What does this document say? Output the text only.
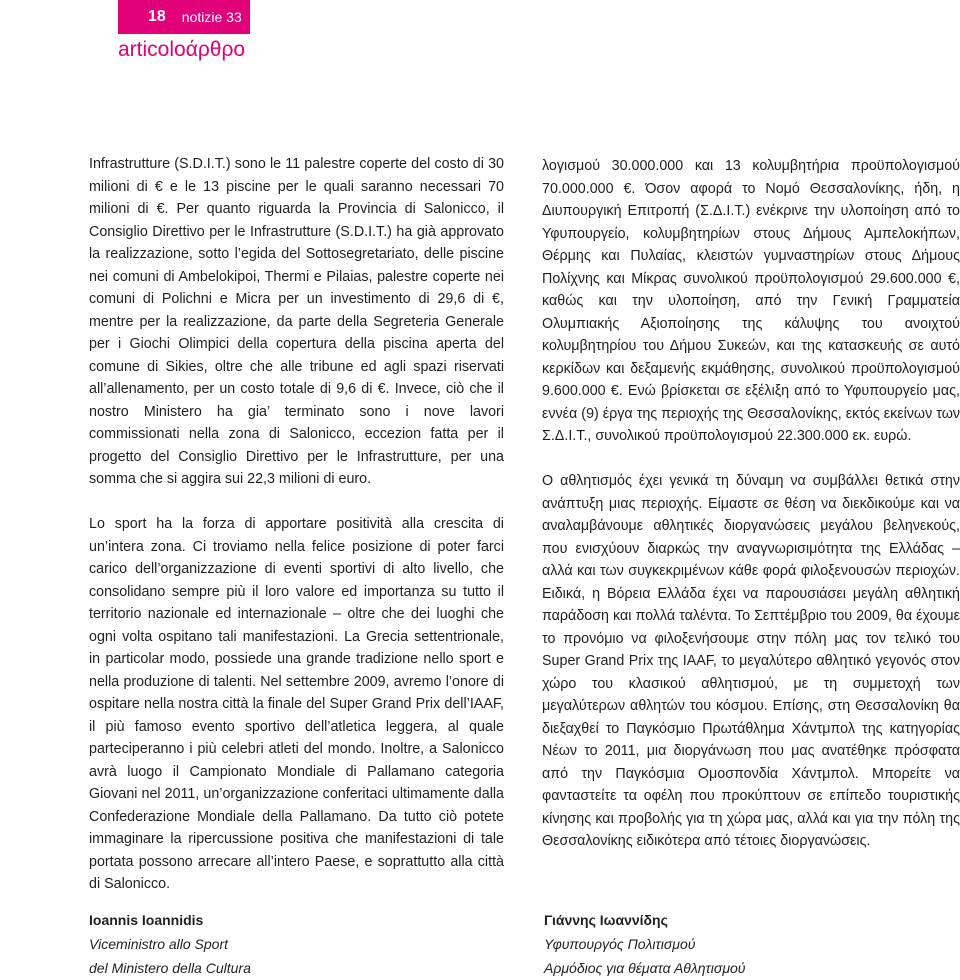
18 notizie 33
articoloάρθρο

Infrastrutture (S.D.I.T.) sono le 11 palestre coperte del costo di 30 milioni di € e le 13 piscine per le quali saranno necessari 70 milioni di €. Per quanto riguarda la Provincia di Salonicco, il Consiglio Direttivo per le Infrastrutture (S.D.I.T.) ha già approvato la realizzazione, sotto l’egida del Sottosegretariato, delle piscine nei comuni di Ambelokipoi, Thermi e Pilaias, palestre coperte nei comuni di Polichni e Micra per un investimento di 29,6 di €, mentre per la realizzazione, da parte della Segreteria Generale per i Giochi Olimpici della copertura della piscina aperta del comune di Sikies, oltre che alle tribune ed agli spazi riservati all’allenamento, per un costo totale di 9,6 di €. Invece, ciò che il nostro Ministero ha gia’ terminato sono i nove lavori commissionati nella zona di Salonicco, eccezion fatta per il progetto del Consiglio Direttivo per le Infrastrutture, per una somma che si aggira sui 22,3 milioni di euro.

Lo sport ha la forza di apportare positività alla crescita di un’intera zona. Ci troviamo nella felice posizione di poter farci carico dell’organizzazione di eventi sportivi di alto livello, che consolidano sempre più il loro valore ed importanza su tutto il territorio nazionale ed internazionale – oltre che dei luoghi che ogni volta ospitano tali manifestazioni. La Grecia settentrionale, in particolar modo, possiede una grande tradizione nello sport e nella produzione di talenti. Nel settembre 2009, avremo l’onore di ospitare nella nostra città la finale del Super Grand Prix dell’IAAF, il più famoso evento sportivo dell’atletica leggera, al quale parteciperanno i più celebri atleti del mondo. Inoltre, a Salonicco avrà luogo il Campionato Mondiale di Pallamano categoria Giovani nel 2011, un’organizzazione conferitaci ultimamente dalla Confederazione Mondiale della Pallamano. Da tutto ciò potete immaginare la ripercussione positiva che manifestazioni di tale portata possono arrecare all’intero Paese, e soprattutto alla città di Salonicco.

λογισμού 30.000.000 και 13 κολυμβητήρια προϋπολογισμού 70.000.000 €. Όσον αφορά το Νομό Θεσσαλονίκης, ήδη, η Διυπουργική Επιτροπή (Σ.Δ.Ι.Τ.) ενέκρινε την υλοποίηση από το Υφυπουργείο, κολυμβητηρίων στους Δήμους Αμπελοκήπων, Θέρμης και Πυλαίας, κλειστών γυμναστηρίων στους Δήμους Πολίχνης και Μίκρας συνολικού προϋπολογισμού 29.600.000 €, καθώς και την υλοποίηση, από την Γενική Γραμματεία Ολυμπιακής Αξιοποίησης της κάλυψης του ανοιχτού κολυμβητηρίου του Δήμου Συκεών, και της κατασκευής σε αυτό κερκίδων και δεξαμενής εκμάθησης, συνολικού προϋπολογισμού 9.600.000 €. Ενώ βρίσκεται σε εξέλιξη από το Υφυπουργείο μας, εννέα (9) έργα της περιοχής της Θεσσαλονίκης, εκτός εκείνων των Σ.Δ.Ι.Τ., συνολικού προϋπολογισμού 22.300.000 εκ. ευρώ.

Ο αθλητισμός έχει γενικά τη δύναμη να συμβάλλει θετικά στην ανάπτυξη μιας περιοχής. Είμαστε σε θέση να διεκδικούμε και να αναλαμβάνουμε αθλητικές διοργανώσεις μεγάλου βεληνεκούς, που ενισχύουν διαρκώς την αναγνωρισιμότητα της Ελλάδας – αλλά και των συγκεκριμένων κάθε φορά φιλοξενουσών περιοχών. Ειδικά, η Βόρεια Ελλάδα έχει να παρουσιάσει μεγάλη αθλητική παράδοση και πολλά ταλέντα. Το Σεπτέμβριο του 2009, θα έχουμε το προνόμιο να φιλοξενήσουμε στην πόλη μας τον τελικό του Super Grand Prix της IAAF, το μεγαλύτερο αθλητικό γεγονός στον χώρο του κλασικού αθλητισμού, με τη συμμετοχή των μεγαλύτερων αθλητών του κόσμου. Επίσης, στη Θεσσαλονίκη θα διεξαχθεί το Παγκόσμιο Πρωτάθλημα Χάντμπολ της κατηγορίας Νέων το 2011, μια διοργάνωση που μας ανατέθηκε πρόσφατα από την Παγκόσμια Ομοσπονδία Χάντμπολ. Μπορείτε να φανταστείτε τα οφέλη που προκύπτουν σε επίπεδο τουριστικής κίνησης και προβολής για τη χώρα μας, αλλά και για την πόλη της Θεσσαλονίκης ειδικότερα από τέτοιες διοργανώσεις.

Ioannis Ioannidis
Viceministro allo Sport
del Ministero della Cultura
Γιάννης Ιωαννίδης
Υφυπουργός Πολιτισμού
Αρμόδιος για θέματα Αθλητισμού
